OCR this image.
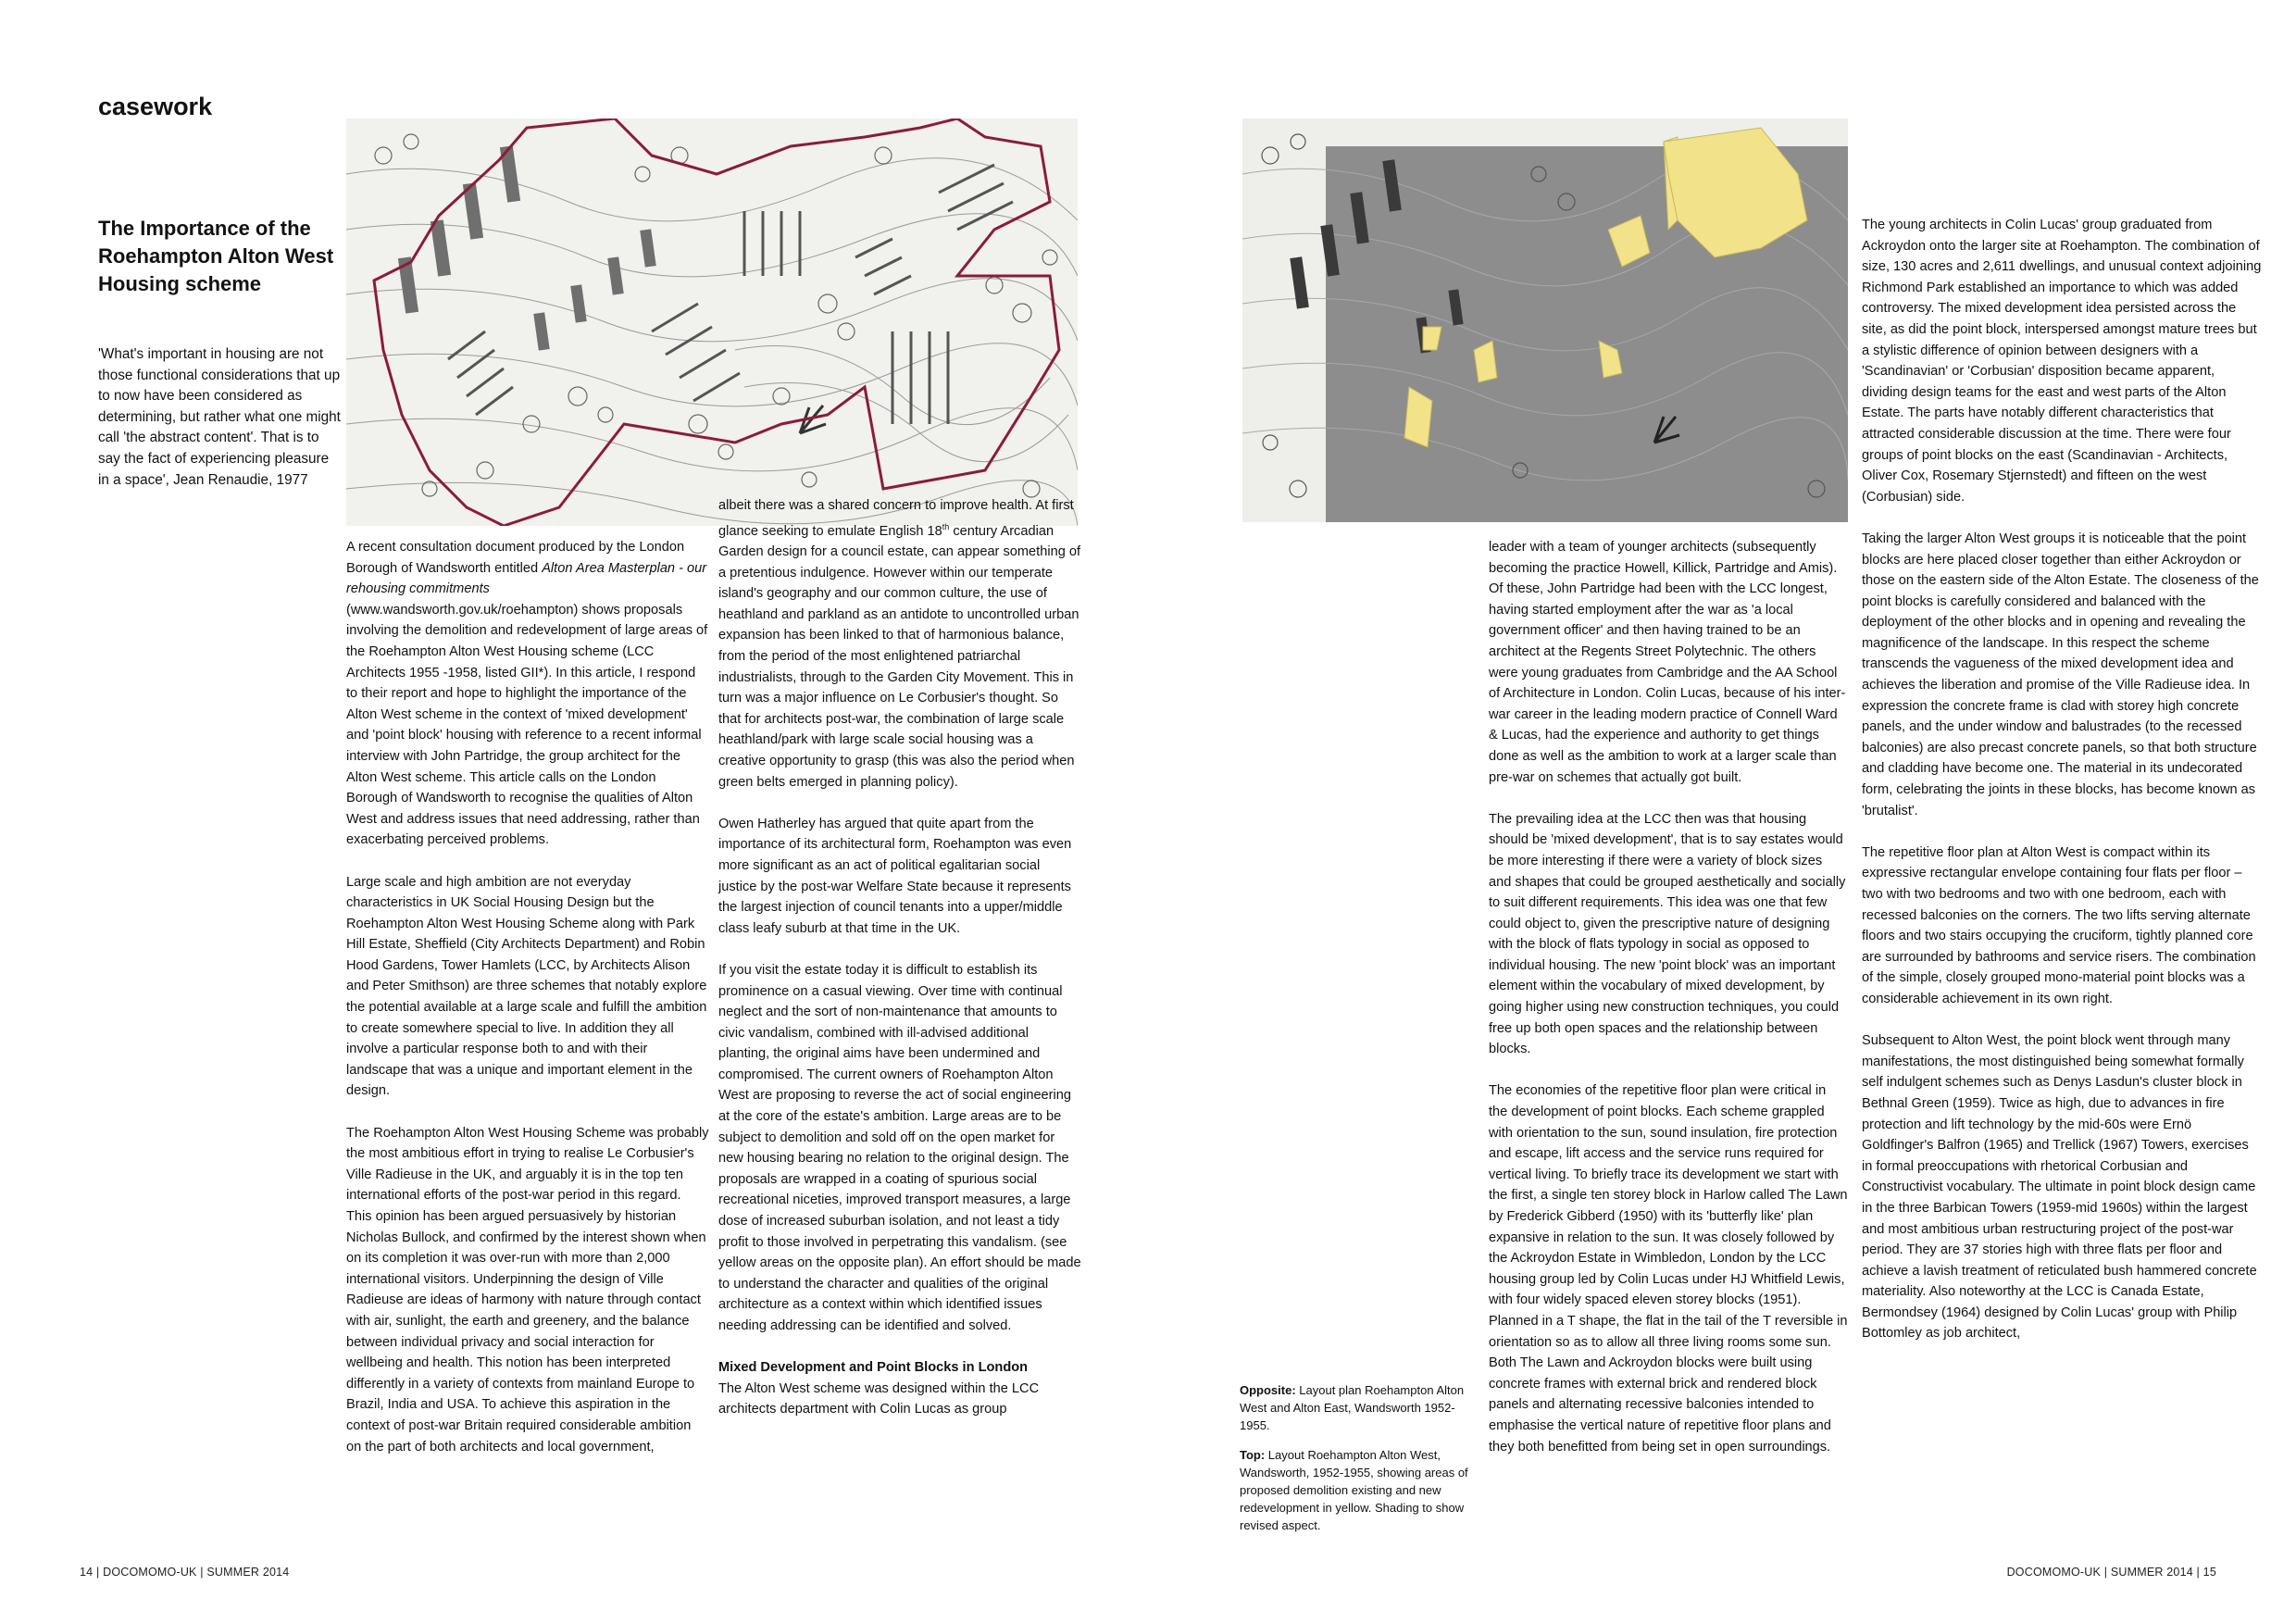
casework
The Importance of the Roehampton Alton West Housing scheme
'What's important in housing are not those functional considerations that up to now have been considered as determining, but rather what one might call 'the abstract content'. That is to say the fact of experiencing pleasure in a space', Jean Renaudie, 1977

A recent consultation document produced by the London Borough of Wandsworth entitled Alton Area Masterplan - our rehousing commitments (www.wandsworth.gov.uk/roehampton) shows proposals involving the demolition and redevelopment of large areas of the Roehampton Alton West Housing scheme (LCC Architects 1955 -1958, listed GII*). In this article, I respond to their report and hope to highlight the importance of the Alton West scheme in the context of 'mixed development' and 'point block' housing with reference to a recent informal interview with John Partridge, the group architect for the Alton West scheme. This article calls on the London Borough of Wandsworth to recognise the qualities of Alton West and address issues that need addressing, rather than exacerbating perceived problems.

Large scale and high ambition are not everyday characteristics in UK Social Housing Design but the Roehampton Alton West Housing Scheme along with Park Hill Estate, Sheffield (City Architects Department) and Robin Hood Gardens, Tower Hamlets (LCC, by Architects Alison and Peter Smithson) are three schemes that notably explore the potential available at a large scale and fulfill the ambition to create somewhere special to live. In addition they all involve a particular response both to and with their landscape that was a unique and important element in the design.

The Roehampton Alton West Housing Scheme was probably the most ambitious effort in trying to realise Le Corbusier's Ville Radieuse in the UK, and arguably it is in the top ten international efforts of the post-war period in this regard. This opinion has been argued persuasively by historian Nicholas Bullock, and confirmed by the interest shown when on its completion it was over-run with more than 2,000 international visitors. Underpinning the design of Ville Radieuse are ideas of harmony with nature through contact with air, sunlight, the earth and greenery, and the balance between individual privacy and social interaction for wellbeing and health. This notion has been interpreted differently in a variety of contexts from mainland Europe to Brazil, India and USA. To achieve this aspiration in the context of post-war Britain required considerable ambition on the part of both architects and local government,

albeit there was a shared concern to improve health. At first glance seeking to emulate English 18th century Arcadian Garden design for a council estate, can appear something of a pretentious indulgence. However within our temperate island's geography and our common culture, the use of heathland and parkland as an antidote to uncontrolled urban expansion has been linked to that of harmonious balance, from the period of the most enlightened patriarchal industrialists, through to the Garden City Movement. This in turn was a major influence on Le Corbusier's thought. So that for architects post-war, the combination of large scale heathland/park with large scale social housing was a creative opportunity to grasp (this was also the period when green belts emerged in planning policy).

Owen Hatherley has argued that quite apart from the importance of its architectural form, Roehampton was even more significant as an act of political egalitarian social justice by the post-war Welfare State because it represents the largest injection of council tenants into a upper/middle class leafy suburb at that time in the UK.

If you visit the estate today it is difficult to establish its prominence on a casual viewing. Over time with continual neglect and the sort of non-maintenance that amounts to civic vandalism, combined with ill-advised additional planting, the original aims have been undermined and compromised. The current owners of Roehampton Alton West are proposing to reverse the act of social engineering at the core of the estate's ambition. Large areas are to be subject to demolition and sold off on the open market for new housing bearing no relation to the original design. The proposals are wrapped in a coating of spurious social recreational niceties, improved transport measures, a large dose of increased suburban isolation, and not least a tidy profit to those involved in perpetrating this vandalism. (see yellow areas on the opposite plan). An effort should be made to understand the character and qualities of the original architecture as a context within which identified issues needing addressing can be identified and solved.

Mixed Development and Point Blocks in London

The Alton West scheme was designed within the LCC architects department with Colin Lucas as group

Opposite: Layout plan Roehampton Alton West and Alton East, Wandsworth 1952-1955.

Top: Layout Roehampton Alton West, Wandsworth, 1952-1955, showing areas of proposed demolition existing and new redevelopment in yellow. Shading to show revised aspect.

leader with a team of younger architects (subsequently becoming the practice Howell, Killick, Partridge and Amis). Of these, John Partridge had been with the LCC longest, having started employment after the war as 'a local government officer' and then having trained to be an architect at the Regents Street Polytechnic. The others were young graduates from Cambridge and the AA School of Architecture in London. Colin Lucas, because of his inter-war career in the leading modern practice of Connell Ward & Lucas, had the experience and authority to get things done as well as the ambition to work at a larger scale than pre-war on schemes that actually got built.

The prevailing idea at the LCC then was that housing should be 'mixed development', that is to say estates would be more interesting if there were a variety of block sizes and shapes that could be grouped aesthetically and socially to suit different requirements. This idea was one that few could object to, given the prescriptive nature of designing with the block of flats typology in social as opposed to individual housing. The new 'point block' was an important element within the vocabulary of mixed development, by going higher using new construction techniques, you could free up both open spaces and the relationship between blocks.

The economies of the repetitive floor plan were critical in the development of point blocks. Each scheme grappled with orientation to the sun, sound insulation, fire protection and escape, lift access and the service runs required for vertical living. To briefly trace its development we start with the first, a single ten storey block in Harlow called The Lawn by Frederick Gibberd (1950) with its 'butterfly like' plan expansive in relation to the sun. It was closely followed by the Ackroydon Estate in Wimbledon, London by the LCC housing group led by Colin Lucas under HJ Whitfield Lewis, with four widely spaced eleven storey blocks (1951). Planned in a T shape, the flat in the tail of the T reversible in orientation so as to allow all three living rooms some sun. Both The Lawn and Ackroydon blocks were built using concrete frames with external brick and rendered block panels and alternating recessive balconies intended to emphasise the vertical nature of repetitive floor plans and they both benefitted from being set in open surroundings.

The young architects in Colin Lucas' group graduated from Ackroydon onto the larger site at Roehampton. The combination of size, 130 acres and 2,611 dwellings, and unusual context adjoining Richmond Park established an importance to which was added controversy. The mixed development idea persisted across the site, as did the point block, interspersed amongst mature trees but a stylistic difference of opinion between designers with a 'Scandinavian' or 'Corbusian' disposition became apparent, dividing design teams for the east and west parts of the Alton Estate. The parts have notably different characteristics that attracted considerable discussion at the time. There were four groups of point blocks on the east (Scandinavian - Architects, Oliver Cox, Rosemary Stjernstedt) and fifteen on the west (Corbusian) side.

Taking the larger Alton West groups it is noticeable that the point blocks are here placed closer together than either Ackroydon or those on the eastern side of the Alton Estate. The closeness of the point blocks is carefully considered and balanced with the deployment of the other blocks and in opening and revealing the magnificence of the landscape. In this respect the scheme transcends the vagueness of the mixed development idea and achieves the liberation and promise of the Ville Radieuse idea. In expression the concrete frame is clad with storey high concrete panels, and the under window and balustrades (to the recessed balconies) are also precast concrete panels, so that both structure and cladding have become one. The material in its undecorated form, celebrating the joints in these blocks, has become known as 'brutalist'.

The repetitive floor plan at Alton West is compact within its expressive rectangular envelope containing four flats per floor – two with two bedrooms and two with one bedroom, each with recessed balconies on the corners. The two lifts serving alternate floors and two stairs occupying the cruciform, tightly planned core are surrounded by bathrooms and service risers. The combination of the simple, closely grouped mono-material point blocks was a considerable achievement in its own right.

Subsequent to Alton West, the point block went through many manifestations, the most distinguished being somewhat formally self indulgent schemes such as Denys Lasdun's cluster block in Bethnal Green (1959). Twice as high, due to advances in fire protection and lift technology by the mid-60s were Ernö Goldfinger's Balfron (1965) and Trellick (1967) Towers, exercises in formal preoccupations with rhetorical Corbusian and Constructivist vocabulary. The ultimate in point block design came in the three Barbican Towers (1959-mid 1960s) within the largest and most ambitious urban restructuring project of the post-war period. They are 37 stories high with three flats per floor and achieve a lavish treatment of reticulated bush hammered concrete materiality. Also noteworthy at the LCC is Canada Estate, Bermondsey (1964) designed by Colin Lucas' group with Philip Bottomley as job architect,

14 | DOCOMOMO-UK | SUMMER 2014	DOCOMOMO-UK | SUMMER 2014 | 15
